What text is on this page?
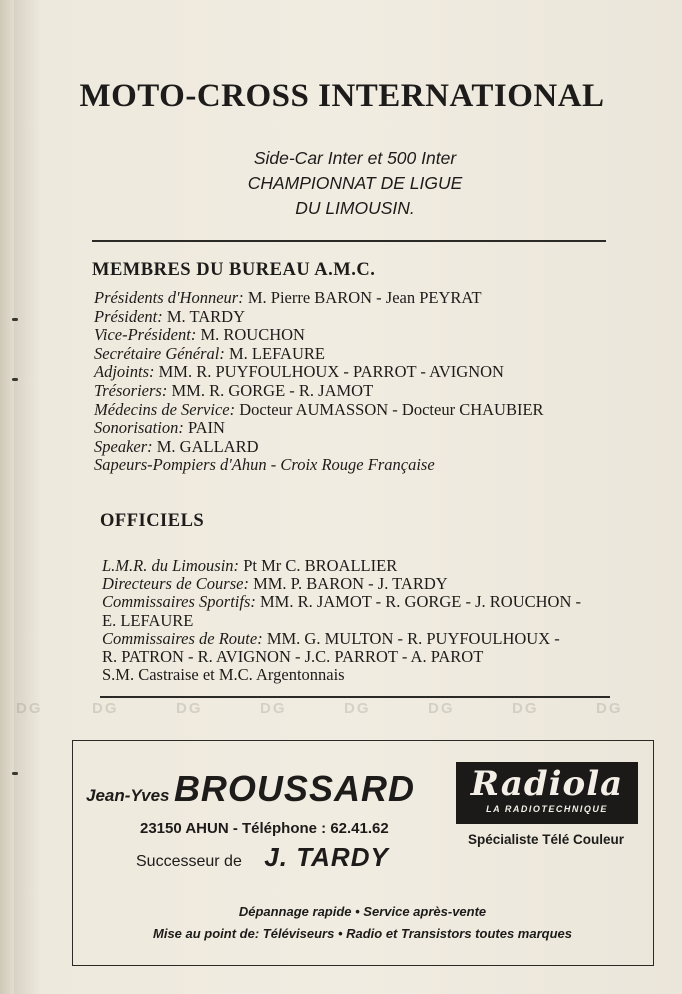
MOTO-CROSS INTERNATIONAL
Side-Car Inter et 500 Inter
CHAMPIONNAT DE LIGUE
DU LIMOUSIN.
MEMBRES DU BUREAU A.M.C.
Présidents d'Honneur: M. Pierre BARON - Jean PEYRAT
Président: M. TARDY
Vice-Président: M. ROUCHON
Secrétaire Général: M. LEFAURE
Adjoints: MM. R. PUYFOULHOUX - PARROT - AVIGNON
Trésoriers: MM. R. GORGE - R. JAMOT
Médecins de Service: Docteur AUMASSON - Docteur CHAUBIER
Sonorisation: PAIN
Speaker: M. GALLARD
Sapeurs-Pompiers d'Ahun - Croix Rouge Française
OFFICIELS
L.M.R. du Limousin: Pt Mr C. BROALLIER
Directeurs de Course: MM. P. BARON - J. TARDY
Commissaires Sportifs: MM. R. JAMOT - R. GORGE - J. ROUCHON -
E. LEFAURE
Commissaires de Route: MM. G. MULTON - R. PUYFOULHOUX -
R. PATRON - R. AVIGNON - J.C. PARROT - A. PAROT
S.M. Castraise et M.C. Argentonnais
DG	DG	DG	DG	DG	DG	DG	DG
Jean-Yves BROUSSARD	Radiola
LA RADIOTECHNIQUE
23150 AHUN - Téléphone : 62.41.62
Spécialiste Télé Couleur
Successeur de J. TARDY
Dépannage rapide • Service après-vente
Mise au point de: Téléviseurs • Radio et Transistors toutes marques
